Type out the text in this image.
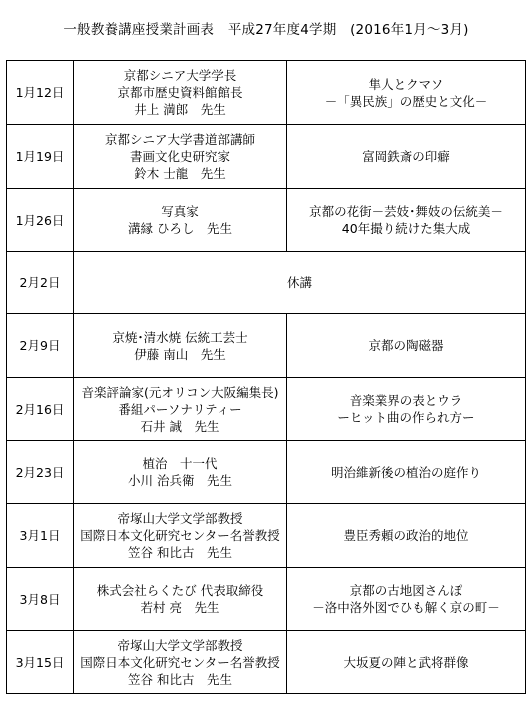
一般教養講座授業計画表　平成27年度4学期　(2016年1月～3月)
1月12日	京都シニア大学学長
京都市歴史資料館館長
井上 満郎　先生	隼人とクマソ
－「異民族」の歴史と文化－

1月19日	京都シニア大学書道部講師
書画文化史研究家
鈴木 士龍　先生	富岡鉄斎の印癖

1月26日	写真家
溝縁 ひろし　先生	京都の花街－芸妓･舞妓の伝統美－
40年撮り続けた集大成

2月2日	休講	
2月9日	京焼･清水焼 伝統工芸士
伊藤 南山　先生	京都の陶磁器

2月16日	音楽評論家(元オリコン大阪編集長)
番組パーソナリティー
石井 誠　先生	音楽業界の表とウラ
ーヒット曲の作られ方ー

2月23日	植治　十一代
小川 治兵衛　先生	明治維新後の植治の庭作り

3月1日	帝塚山大学文学部教授
国際日本文化研究センター名誉教授
笠谷 和比古　先生	豊臣秀頼の政治的地位

3月8日	株式会社らくたび 代表取締役
若村 亮　先生	京都の古地図さんぽ
－洛中洛外図でひも解く京の町－

3月15日	帝塚山大学文学部教授
国際日本文化研究センター名誉教授
笠谷 和比古　先生	大坂夏の陣と武将群像
